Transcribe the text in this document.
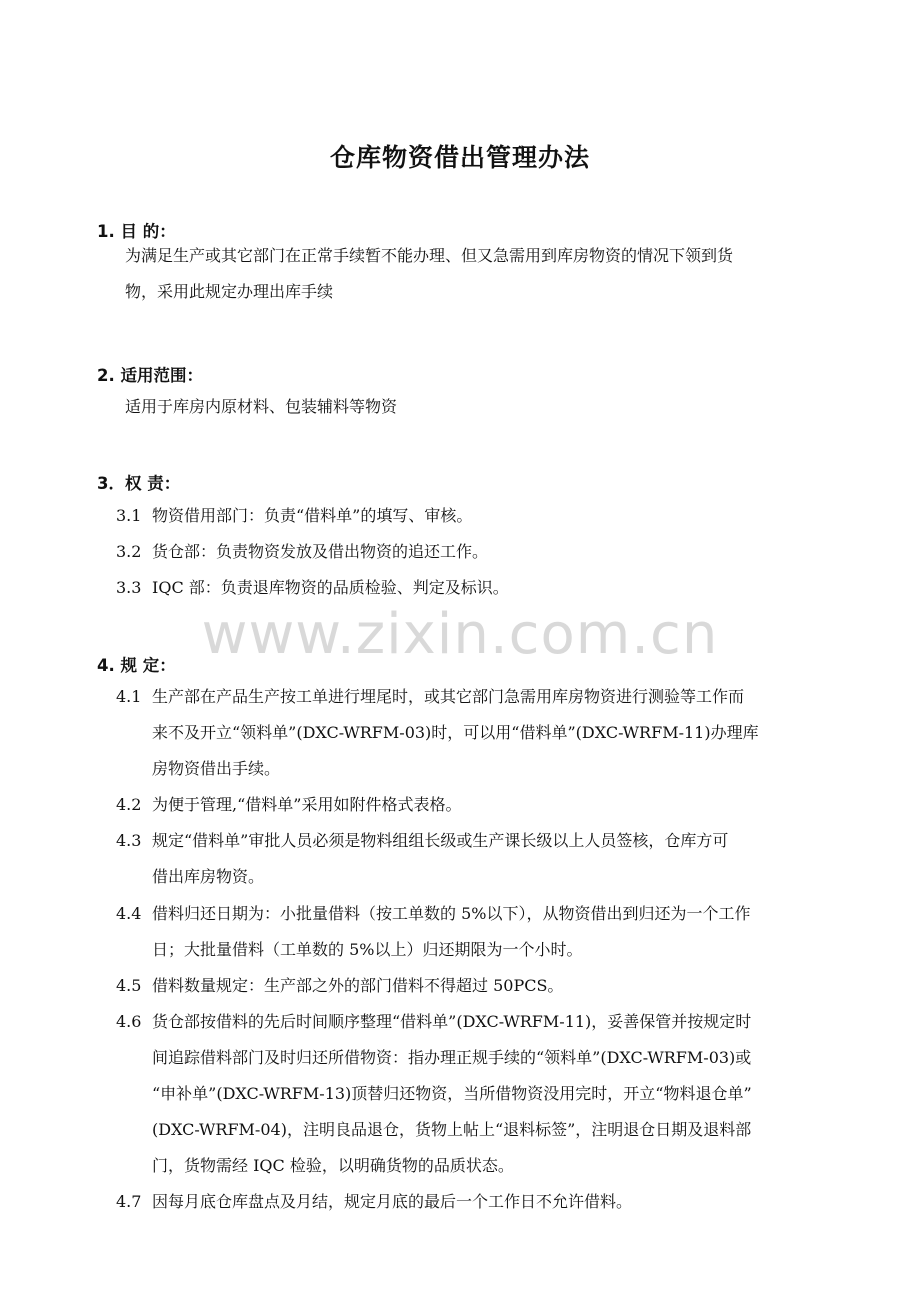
www.zixin.com.cn
仓库物资借出管理办法
1. 目 的：
为满足生产或其它部门在正常手续暂不能办理、但又急需用到库房物资的情况下领到货
物，采用此规定办理出库手续
2. 适用范围：
适用于库房内原材料、包装辅料等物资
3．权 责：
3.1 物资借用部门：负责“借料单”的填写、审核。
3.2 货仓部：负责物资发放及借出物资的追还工作。
3.3 IQC 部：负责退库物资的品质检验、判定及标识。
4. 规 定：
4.1 生产部在产品生产按工单进行埋尾时，或其它部门急需用库房物资进行测验等工作而
来不及开立“领料单”(DXC-WRFM-03)时，可以用“借料单”(DXC-WRFM-11)办理库
房物资借出手续。
4.2 为便于管理,“借料单”采用如附件格式表格。
4.3 规定“借料单”审批人员必须是物料组组长级或生产课长级以上人员签核，仓库方可
借出库房物资。
4.4 借料归还日期为：小批量借料（按工单数的 5%以下），从物资借出到归还为一个工作
日；大批量借料（工单数的 5%以上）归还期限为一个小时。
4.5 借料数量规定：生产部之外的部门借料不得超过 50PCS。
4.6 货仓部按借料的先后时间顺序整理“借料单”(DXC-WRFM-11)，妥善保管并按规定时
间追踪借料部门及时归还所借物资：指办理正规手续的“领料单”(DXC-WRFM-03)或
“申补单”(DXC-WRFM-13)顶替归还物资，当所借物资没用完时，开立“物料退仓单”
(DXC-WRFM-04)，注明良品退仓，货物上帖上“退料标签”，注明退仓日期及退料部
门，货物需经 IQC 检验，以明确货物的品质状态。
4.7 因每月底仓库盘点及月结，规定月底的最后一个工作日不允许借料。
